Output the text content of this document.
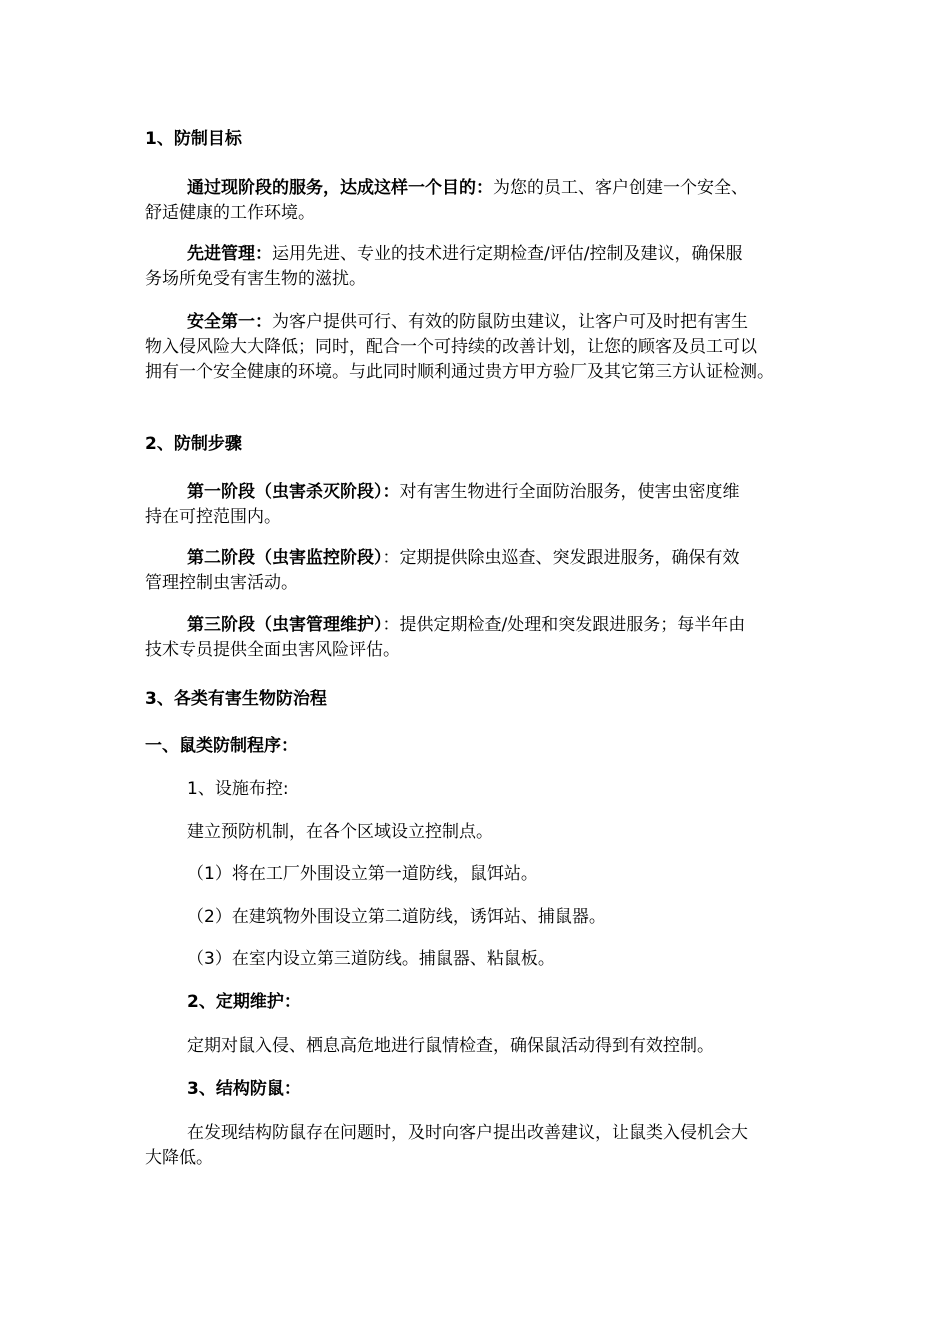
1、防制目标
通过现阶段的服务，达成这样一个目的：为您的员工、客户创建一个安全、
舒适健康的工作环境。
先进管理：运用先进、专业的技术进行定期检查/评估/控制及建议，确保服
务场所免受有害生物的滋扰。
安全第一：为客户提供可行、有效的防鼠防虫建议，让客户可及时把有害生
物入侵风险大大降低；同时，配合一个可持续的改善计划，让您的顾客及员工可以
拥有一个安全健康的环境。与此同时顺利通过贵方甲方验厂及其它第三方认证检测。
2、防制步骤
第一阶段（虫害杀灭阶段）：对有害生物进行全面防治服务，使害虫密度维
持在可控范围内。
第二阶段（虫害监控阶段）：定期提供除虫巡查、突发跟进服务，确保有效
管理控制虫害活动。
第三阶段（虫害管理维护）：提供定期检查/处理和突发跟进服务；每半年由
技术专员提供全面虫害风险评估。
3、各类有害生物防治程
一、鼠类防制程序：
1、设施布控:
建立预防机制，在各个区域设立控制点。
（1）将在工厂外围设立第一道防线，鼠饵站。
（2）在建筑物外围设立第二道防线，诱饵站、捕鼠器。
（3）在室内设立第三道防线。捕鼠器、粘鼠板。
2、定期维护：
定期对鼠入侵、栖息高危地进行鼠情检查，确保鼠活动得到有效控制。
3、结构防鼠：
在发现结构防鼠存在问题时，及时向客户提出改善建议，让鼠类入侵机会大
大降低。
